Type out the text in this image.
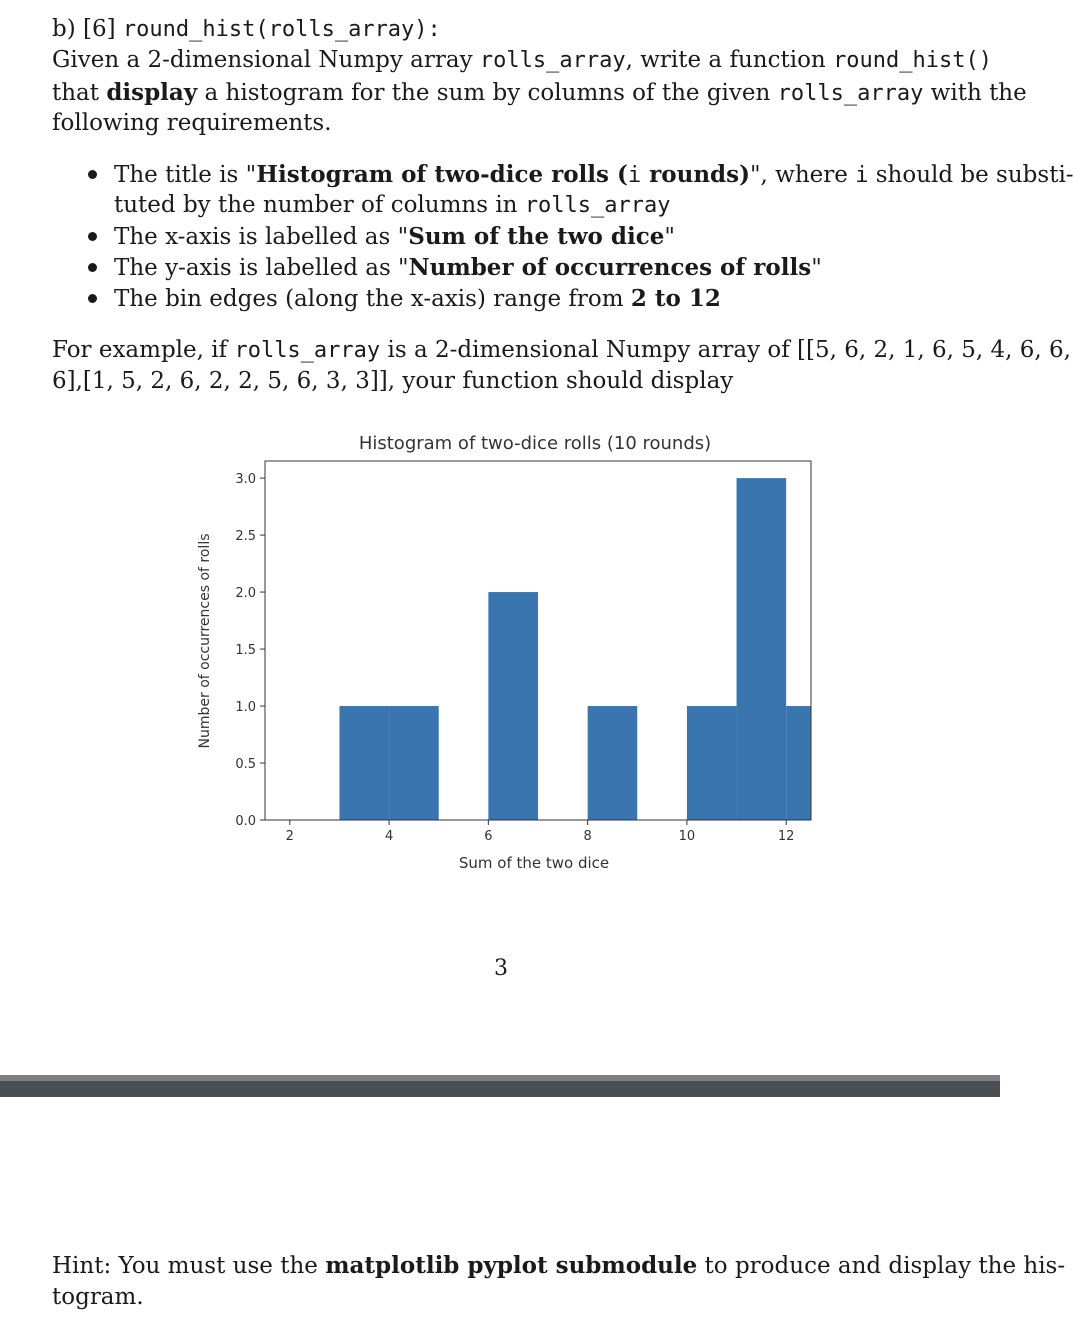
b) [6] round_hist(rolls_array):
Given a 2-dimensional Numpy array rolls_array, write a function round_hist()
that display a histogram for the sum by columns of the given rolls_array with the
following requirements.
The title is "Histogram of two-dice rolls (i rounds)", where i should be substi-
tuted by the number of columns in rolls_array
The x-axis is labelled as "Sum of the two dice"
The y-axis is labelled as "Number of occurrences of rolls"
The bin edges (along the x-axis) range from 2 to 12
For example, if rolls_array is a 2-dimensional Numpy array of [[5, 6, 2, 1, 6, 5, 4, 6, 6,
6],[1, 5, 2, 6, 2, 2, 5, 6, 3, 3]], your function should display
Histogram of two-dice rolls (10 rounds)
2	4	6	8	10	12
0.0
0.5
1.0
1.5
2.0
2.5
3.0
Sum of the two dice
Number of occurrences of rolls
3
Hint: You must use the matplotlib pyplot submodule to produce and display the his-
togram.
